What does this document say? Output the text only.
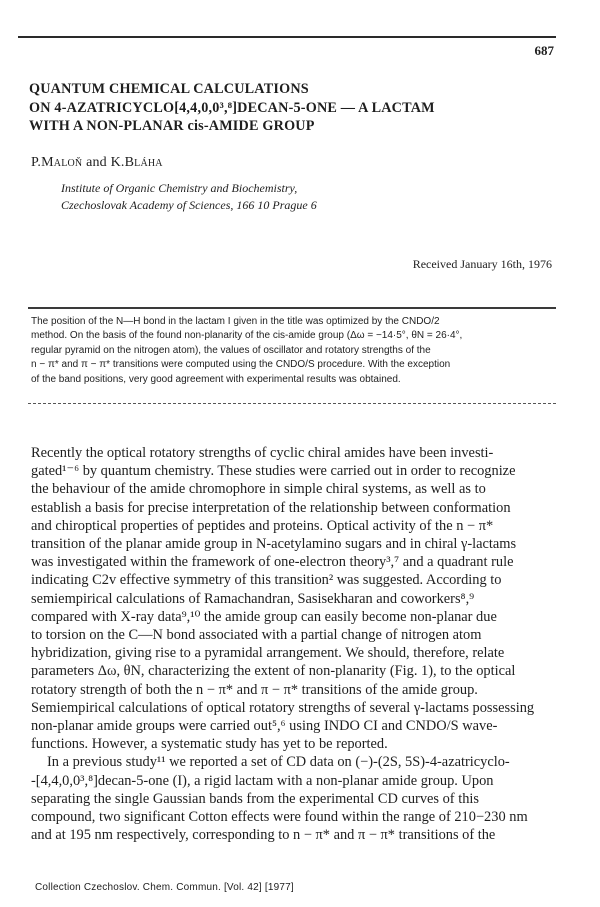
687
QUANTUM CHEMICAL CALCULATIONS
ON 4-AZATRICYCLO[4,4,0,0³,⁸]DECAN-5-ONE — A LACTAM
WITH A NON-PLANAR cis-AMIDE GROUP
P.Maloň and K.Bláha
Institute of Organic Chemistry and Biochemistry,
Czechoslovak Academy of Sciences, 166 10 Prague 6
Received January 16th, 1976
The position of the N—H bond in the lactam I given in the title was optimized by the CNDO/2
method. On the basis of the found non-planarity of the cis-amide group (Δω = −14·5°, θN = 26·4°,
regular pyramid on the nitrogen atom), the values of oscillator and rotatory strengths of the
n − π* and π − π* transitions were computed using the CNDO/S procedure. With the exception
of the band positions, very good agreement with experimental results was obtained.
Recently the optical rotatory strengths of cyclic chiral amides have been investi-
gated¹⁻⁶ by quantum chemistry. These studies were carried out in order to recognize
the behaviour of the amide chromophore in simple chiral systems, as well as to
establish a basis for precise interpretation of the relationship between conformation
and chiroptical properties of peptides and proteins. Optical activity of the n − π*
transition of the planar amide group in N-acetylamino sugars and in chiral γ-lactams
was investigated within the framework of one-electron theory³,⁷ and a quadrant rule
indicating C2v effective symmetry of this transition² was suggested. According to
semiempirical calculations of Ramachandran, Sasisekharan and coworkers⁸,⁹
compared with X-ray data⁹,¹⁰ the amide group can easily become non-planar due
to torsion on the C—N bond associated with a partial change of nitrogen atom
hybridization, giving rise to a pyramidal arrangement. We should, therefore, relate
parameters Δω, θN, characterizing the extent of non-planarity (Fig. 1), to the optical
rotatory strength of both the n − π* and π − π* transitions of the amide group.
Semiempirical calculations of optical rotatory strengths of several γ-lactams possessing
non-planar amide groups were carried out⁵,⁶ using INDO CI and CNDO/S wave-
functions. However, a systematic study has yet to be reported.
In a previous study¹¹ we reported a set of CD data on (−)-(2S, 5S)-4-azatricyclo-
-[4,4,0,0³,⁸]decan-5-one (I), a rigid lactam with a non-planar amide group. Upon
separating the single Gaussian bands from the experimental CD curves of this
compound, two significant Cotton effects were found within the range of 210−230 nm
and at 195 nm respectively, corresponding to n − π* and π − π* transitions of the
Collection Czechoslov. Chem. Commun. [Vol. 42] [1977]
